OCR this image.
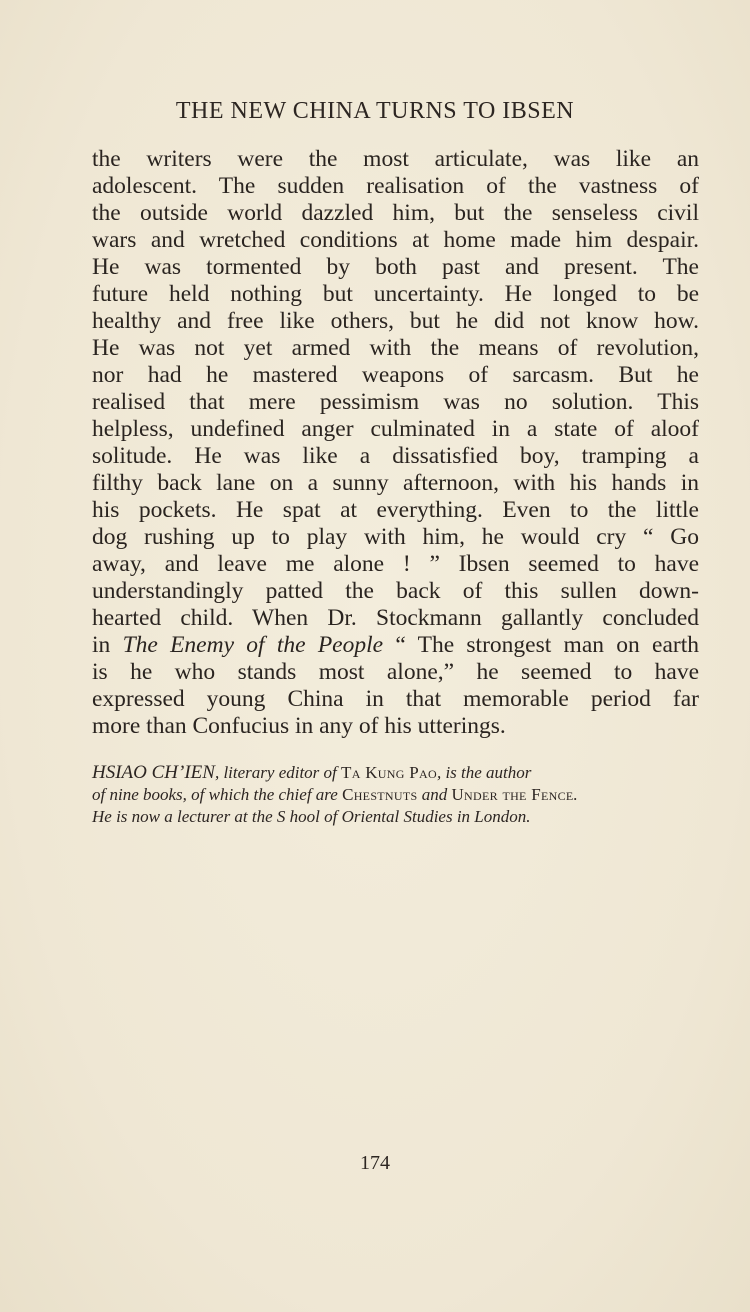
THE NEW CHINA TURNS TO IBSEN
the writers were the most articulate, was like an
adolescent. The sudden realisation of the vastness of
the outside world dazzled him, but the senseless civil
wars and wretched conditions at home made him despair.
He was tormented by both past and present. The
future held nothing but uncertainty. He longed to be
healthy and free like others, but he did not know how.
He was not yet armed with the means of revolution,
nor had he mastered weapons of sarcasm. But he
realised that mere pessimism was no solution. This
helpless, undefined anger culminated in a state of aloof
solitude. He was like a dissatisfied boy, tramping a
filthy back lane on a sunny afternoon, with his hands in
his pockets. He spat at everything. Even to the little
dog rushing up to play with him, he would cry “ Go
away, and leave me alone ! ” Ibsen seemed to have
understandingly patted the back of this sullen down-
hearted child. When Dr. Stockmann gallantly concluded
in The Enemy of the People “ The strongest man on earth
is he who stands most alone,” he seemed to have
expressed young China in that memorable period far
more than Confucius in any of his utterings.
HSIAO CH’IEN, literary editor of Ta Kung Pao, is the author
of nine books, of which the chief are Chestnuts and Under the Fence.
He is now a lecturer at the S hool of Oriental Studies in London.
174
